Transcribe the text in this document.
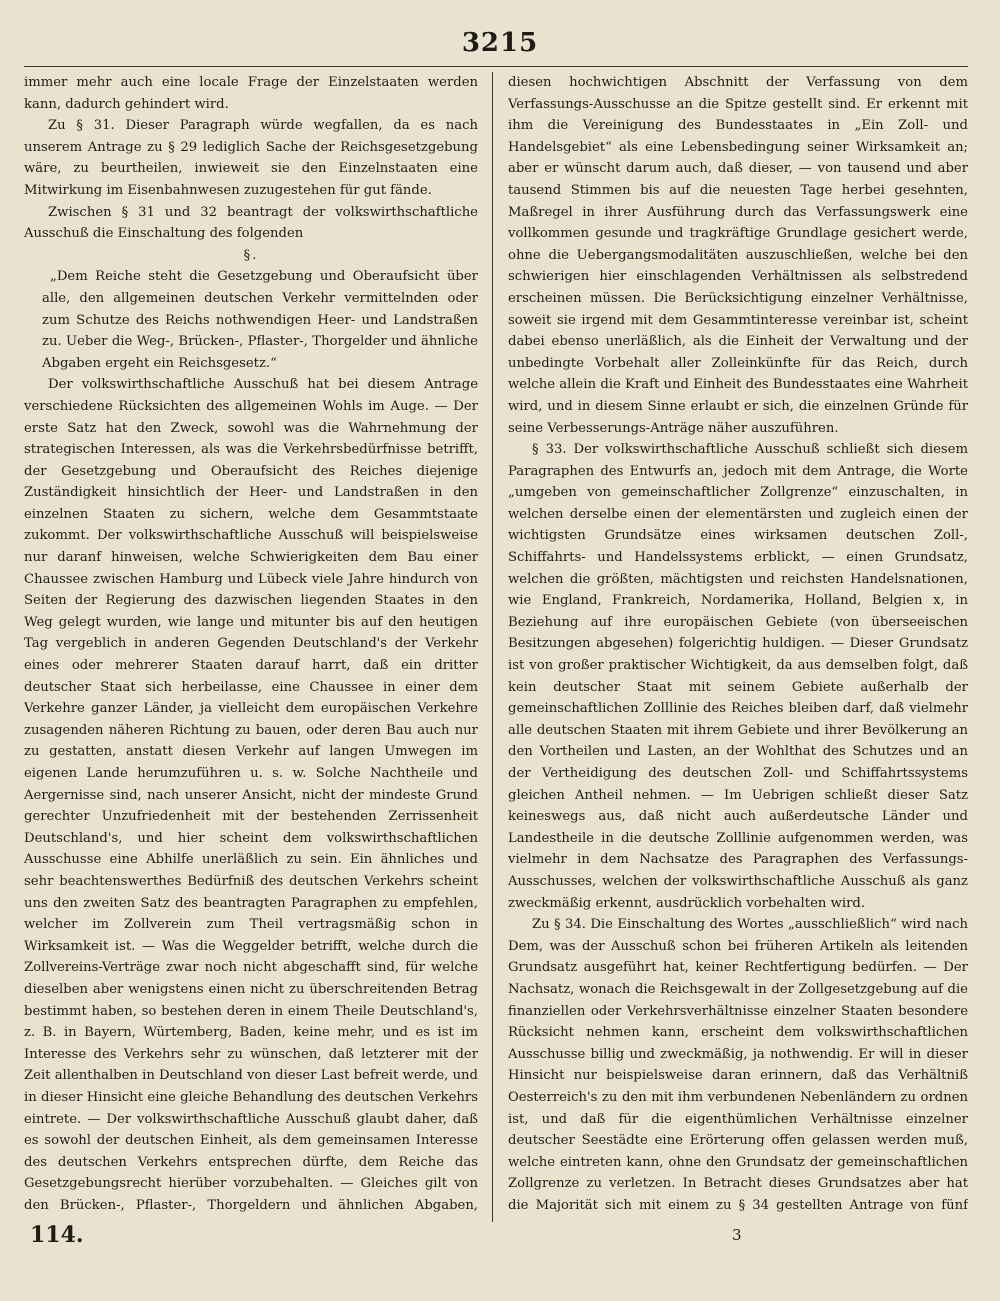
3215

immer mehr auch eine locale Frage der Einzelstaaten werden kann, dadurch gehindert wird.

Zu § 31. Dieser Paragraph würde wegfallen, da es nach unserem Antrage zu § 29 lediglich Sache der Reichsgesetzgebung wäre, zu beurtheilen, inwieweit sie den Einzelnstaaten eine Mitwirkung im Eisenbahnwesen zuzugestehen für gut fände.

Zwischen § 31 und 32 beantragt der volkswirthschaftliche Ausschuß die Einschaltung des folgenden

§.

„Dem Reiche steht die Gesetzgebung und Oberaufsicht über alle, den allgemeinen deutschen Verkehr vermittelnden oder zum Schutze des Reichs nothwendigen Heer- und Landstraßen zu. Ueber die Weg-, Brücken-, Pflaster-, Thorgelder und ähnliche Abgaben ergeht ein Reichsgesetz.“

Der volkswirthschaftliche Ausschuß hat bei diesem Antrage verschiedene Rücksichten des allgemeinen Wohls im Auge. — Der erste Satz hat den Zweck, sowohl was die Wahrnehmung der strategischen Interessen, als was die Verkehrsbedürfnisse betrifft, der Gesetzgebung und Oberaufsicht des Reiches diejenige Zuständigkeit hinsichtlich der Heer- und Landstraßen in den einzelnen Staaten zu sichern, welche dem Gesammtstaate zukommt. Der volkswirthschaftliche Ausschuß will beispielsweise nur daranf hinweisen, welche Schwierigkeiten dem Bau einer Chaussee zwischen Hamburg und Lübeck viele Jahre hindurch von Seiten der Regierung des dazwischen liegenden Staates in den Weg gelegt wurden, wie lange und mitunter bis auf den heutigen Tag vergeblich in anderen Gegenden Deutschland's der Verkehr eines oder mehrerer Staaten darauf harrt, daß ein dritter deutscher Staat sich herbeilasse, eine Chaussee in einer dem Verkehre ganzer Länder, ja vielleicht dem europäischen Verkehre zusagenden näheren Richtung zu bauen, oder deren Bau auch nur zu gestatten, anstatt diesen Verkehr auf langen Umwegen im eigenen Lande herumzuführen u. s. w. Solche Nachtheile und Aergernisse sind, nach unserer Ansicht, nicht der mindeste Grund gerechter Unzufriedenheit mit der bestehenden Zerrissenheit Deutschland's, und hier scheint dem volkswirthschaftlichen Ausschusse eine Abhilfe unerläßlich zu sein. Ein ähnliches und sehr beachtenswerthes Bedürfniß des deutschen Verkehrs scheint uns den zweiten Satz des beantragten Paragraphen zu empfehlen, welcher im Zollverein zum Theil vertragsmäßig schon in Wirksamkeit ist. — Was die Weggelder betrifft, welche durch die Zollvereins-Verträge zwar noch nicht abgeschafft sind, für welche dieselben aber wenigstens einen nicht zu überschreitenden Betrag bestimmt haben, so bestehen deren in einem Theile Deutschland's, z. B. in Bayern, Würtemberg, Baden, keine mehr, und es ist im Interesse des Verkehrs sehr zu wünschen, daß letzterer mit der Zeit allenthalben in Deutschland von dieser Last befreit werde, und in dieser Hinsicht eine gleiche Behandlung des deutschen Verkehrs eintrete. — Der volkswirthschaftliche Ausschuß glaubt daher, daß es sowohl der deutschen Einheit, als dem gemeinsamen Interesse des deutschen Verkehrs entsprechen dürfte, dem Reiche das Gesetzgebungsrecht hierüber vorzubehalten. — Gleiches gilt von den Brücken-, Pflaster-, Thorgeldern und ähnlichen Abgaben,

diesen hochwichtigen Abschnitt der Verfassung von dem Verfassungs-Ausschusse an die Spitze gestellt sind. Er erkennt mit ihm die Vereinigung des Bundesstaates in „Ein Zoll- und Handelsgebiet“ als eine Lebensbedingung seiner Wirksamkeit an; aber er wünscht darum auch, daß dieser, — von tausend und aber tausend Stimmen bis auf die neuesten Tage herbei gesehnten, Maßregel in ihrer Ausführung durch das Verfassungswerk eine vollkommen gesunde und tragkräftige Grundlage gesichert werde, ohne die Uebergangsmodalitäten auszuschließen, welche bei den schwierigen hier einschlagenden Verhältnissen als selbstredend erscheinen müssen. Die Berücksichtigung einzelner Verhältnisse, soweit sie irgend mit dem Gesammtinteresse vereinbar ist, scheint dabei ebenso unerläßlich, als die Einheit der Verwaltung und der unbedingte Vorbehalt aller Zolleinkünfte für das Reich, durch welche allein die Kraft und Einheit des Bundesstaates eine Wahrheit wird, und in diesem Sinne erlaubt er sich, die einzelnen Gründe für seine Verbesserungs-Anträge näher auszuführen.

§ 33. Der volkswirthschaftliche Ausschuß schließt sich diesem Paragraphen des Entwurfs an, jedoch mit dem Antrage, die Worte „umgeben von gemeinschaftlicher Zollgrenze“ einzuschalten, in welchen derselbe einen der elementärsten und zugleich einen der wichtigsten Grundsätze eines wirksamen deutschen Zoll-, Schiffahrts- und Handelssystems erblickt, — einen Grundsatz, welchen die größten, mächtigsten und reichsten Handelsnationen, wie England, Frankreich, Nordamerika, Holland, Belgien x, in Beziehung auf ihre europäischen Gebiete (von überseeischen Besitzungen abgesehen) folgerichtig huldigen. — Dieser Grundsatz ist von großer praktischer Wichtigkeit, da aus demselben folgt, daß kein deutscher Staat mit seinem Gebiete außerhalb der gemeinschaftlichen Zolllinie des Reiches bleiben darf, daß vielmehr alle deutschen Staaten mit ihrem Gebiete und ihrer Bevölkerung an den Vortheilen und Lasten, an der Wohlthat des Schutzes und an der Vertheidigung des deutschen Zoll- und Schiffahrtssystems gleichen Antheil nehmen. — Im Uebrigen schließt dieser Satz keineswegs aus, daß nicht auch außerdeutsche Länder und Landestheile in die deutsche Zolllinie aufgenommen werden, was vielmehr in dem Nachsatze des Paragraphen des Verfassungs-Ausschusses, welchen der volkswirthschaftliche Ausschuß als ganz zweckmäßig erkennt, ausdrücklich vorbehalten wird.

Zu § 34. Die Einschaltung des Wortes „ausschließlich“ wird nach Dem, was der Ausschuß schon bei früheren Artikeln als leitenden Grundsatz ausgeführt hat, keiner Rechtfertigung bedürfen. — Der Nachsatz, wonach die Reichsgewalt in der Zollgesetzgebung auf die finanziellen oder Verkehrsverhältnisse einzelner Staaten besondere Rücksicht nehmen kann, erscheint dem volkswirthschaftlichen Ausschusse billig und zweckmäßig, ja nothwendig. Er will in dieser Hinsicht nur beispielsweise daran erinnern, daß das Verhältniß Oesterreich's zu den mit ihm verbundenen Nebenländern zu ordnen ist, und daß für die eigenthümlichen Verhältnisse einzelner deutscher Seestädte eine Erörterung offen gelassen werden muß, welche eintreten kann, ohne den Grundsatz der gemeinschaftlichen Zollgrenze zu verletzen. In Betracht dieses Grundsatzes aber hat die Majorität sich mit einem zu § 34 gestellten Antrage von fünf

114.	3
